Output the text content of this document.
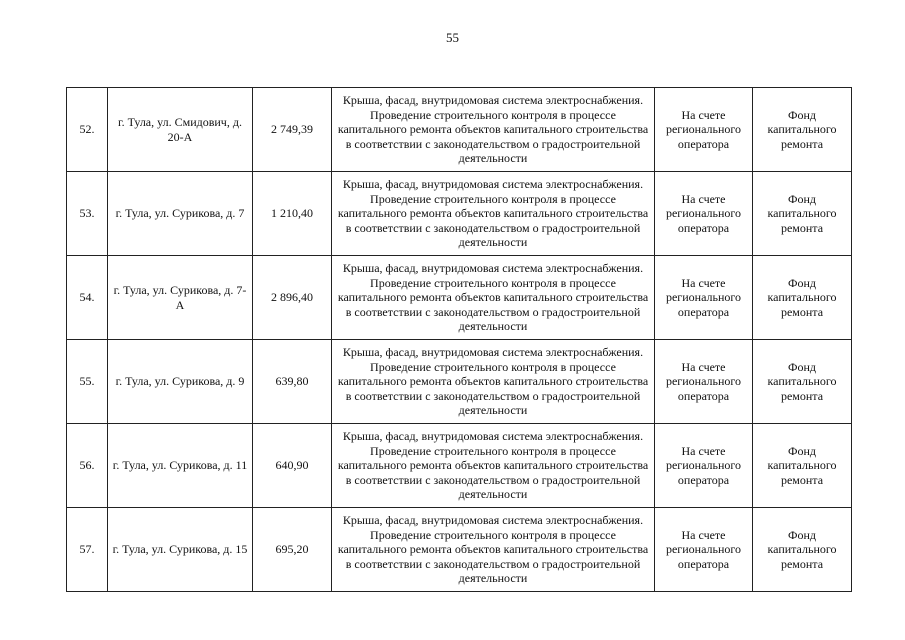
55
52.	г. Тула, ул. Смидович, д. 20-А	2 749,39	Крыша, фасад, внутридомовая система электроснабжения. Проведение строительного контроля в процессе капитального ремонта объектов капитального строительства в соответствии с законодательством о градостроительной деятельности	На счете регионального оператора	Фонд капитального ремонта
53.	г. Тула, ул. Сурикова, д. 7	1 210,40	Крыша, фасад, внутридомовая система электроснабжения. Проведение строительного контроля в процессе капитального ремонта объектов капитального строительства в соответствии с законодательством о градостроительной деятельности	На счете регионального оператора	Фонд капитального ремонта
54.	г. Тула, ул. Сурикова, д. 7-А	2 896,40	Крыша, фасад, внутридомовая система электроснабжения. Проведение строительного контроля в процессе капитального ремонта объектов капитального строительства в соответствии с законодательством о градостроительной деятельности	На счете регионального оператора	Фонд капитального ремонта
55.	г. Тула, ул. Сурикова, д. 9	639,80	Крыша, фасад, внутридомовая система электроснабжения. Проведение строительного контроля в процессе капитального ремонта объектов капитального строительства в соответствии с законодательством о градостроительной деятельности	На счете регионального оператора	Фонд капитального ремонта
56.	г. Тула, ул. Сурикова, д. 11	640,90	Крыша, фасад, внутридомовая система электроснабжения. Проведение строительного контроля в процессе капитального ремонта объектов капитального строительства в соответствии с законодательством о градостроительной деятельности	На счете регионального оператора	Фонд капитального ремонта
57.	г. Тула, ул. Сурикова, д. 15	695,20	Крыша, фасад, внутридомовая система электроснабжения. Проведение строительного контроля в процессе капитального ремонта объектов капитального строительства в соответствии с законодательством о градостроительной деятельности	На счете регионального оператора	Фонд капитального ремонта
